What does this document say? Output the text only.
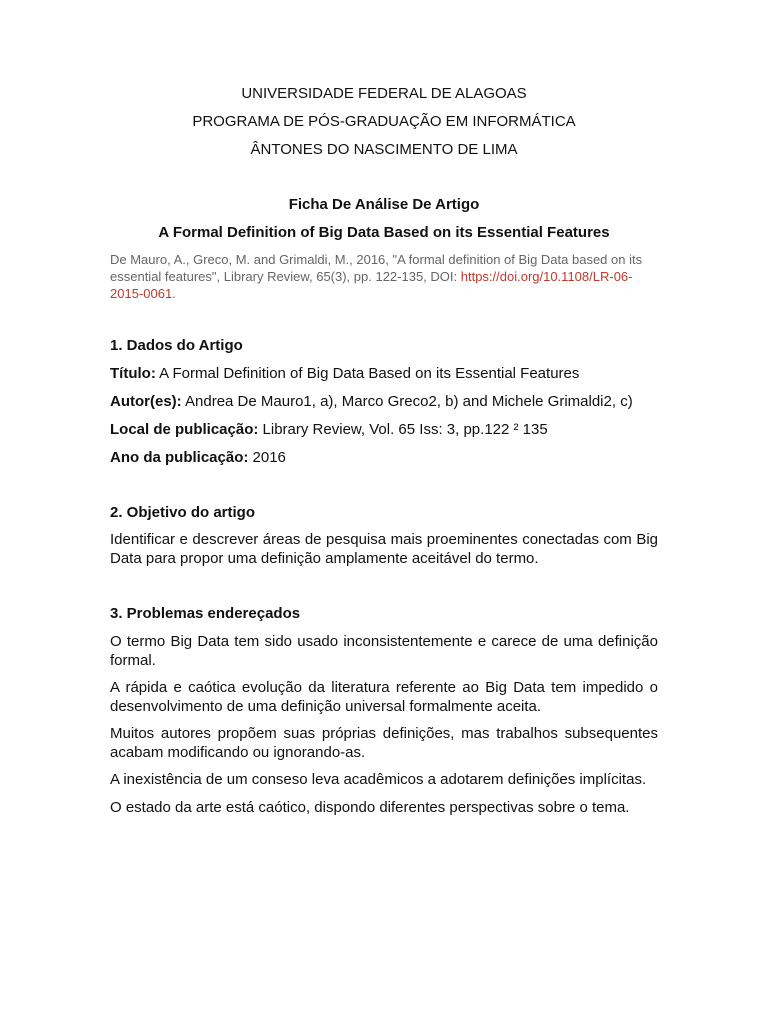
UNIVERSIDADE FEDERAL DE ALAGOAS
PROGRAMA DE PÓS-GRADUAÇÃO EM INFORMÁTICA
ÂNTONES DO NASCIMENTO DE LIMA
Ficha De Análise De Artigo
A Formal Definition of Big Data Based on its Essential Features
De Mauro, A., Greco, M. and Grimaldi, M., 2016, "A formal definition of Big Data based on its essential features", Library Review, 65(3), pp. 122-135, DOI: https://doi.org/10.1108/LR-06-2015-0061.
1. Dados do Artigo
Título: A Formal Definition of Big Data Based on its Essential Features
Autor(es): Andrea De Mauro1, a), Marco Greco2, b) and Michele Grimaldi2, c)
Local de publicação: Library Review, Vol. 65 Iss: 3, pp.122 ² 135
Ano da publicação: 2016
2. Objetivo do artigo
Identificar e descrever áreas de pesquisa mais proeminentes conectadas com Big Data para propor uma definição amplamente aceitável do termo.
3. Problemas endereçados
O termo Big Data tem sido usado inconsistentemente e carece de uma definição formal.
A rápida e caótica evolução da literatura referente ao Big Data tem impedido o desenvolvimento de uma definição universal formalmente aceita.
Muitos autores propõem suas próprias definições, mas trabalhos subsequentes acabam modificando ou ignorando-as.
A inexistência de um conseso leva acadêmicos a adotarem definições implícitas.
O estado da arte está caótico, dispondo diferentes perspectivas sobre o tema.
